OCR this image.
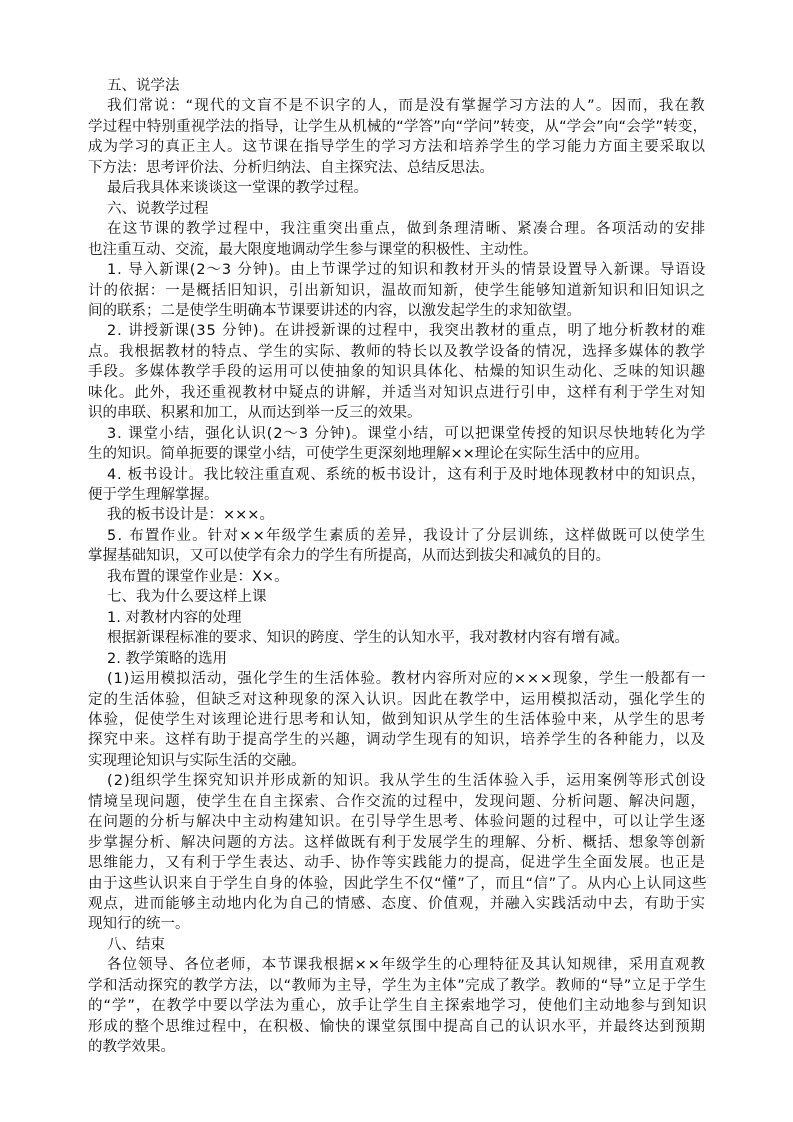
五、说学法
我们常说：“现代的文盲不是不识字的人，而是没有掌握学习方法的人”。因而，我在教
学过程中特别重视学法的指导，让学生从机械的“学答”向“学问”转变，从“学会”向“会学”转变，
成为学习的真正主人。这节课在指导学生的学习方法和培养学生的学习能力方面主要采取以
下方法：思考评价法、分析归纳法、自主探究法、总结反思法。
最后我具体来谈谈这一堂课的教学过程。
六、说教学过程
在这节课的教学过程中，我注重突出重点，做到条理清晰、紧凑合理。各项活动的安排
也注重互动、交流，最大限度地调动学生参与课堂的积极性、主动性。
1. 导入新课(2～3 分钟)。由上节课学过的知识和教材开头的情景设置导入新课。导语设
计的依据：一是概括旧知识，引出新知识，温故而知新，使学生能够知道新知识和旧知识之
间的联系；二是使学生明确本节课要讲述的内容，以激发起学生的求知欲望。
2. 讲授新课(35 分钟)。在讲授新课的过程中，我突出教材的重点，明了地分析教材的难
点。我根据教材的特点、学生的实际、教师的特长以及教学设备的情况，选择多媒体的教学
手段。多媒体教学手段的运用可以使抽象的知识具体化、枯燥的知识生动化、乏味的知识趣
味化。此外，我还重视教材中疑点的讲解，并适当对知识点进行引申，这样有利于学生对知
识的串联、积累和加工，从而达到举一反三的效果。
3. 课堂小结，强化认识(2～3 分钟)。课堂小结，可以把课堂传授的知识尽快地转化为学
生的知识。简单扼要的课堂小结，可使学生更深刻地理解××理论在实际生活中的应用。
4. 板书设计。我比较注重直观、系统的板书设计，这有利于及时地体现教材中的知识点，
便于学生理解掌握。
我的板书设计是：×××。
5. 布置作业。针对××年级学生素质的差异，我设计了分层训练，这样做既可以使学生
掌握基础知识，又可以使学有余力的学生有所提高，从而达到拔尖和减负的目的。
我布置的课堂作业是：X×。
七、我为什么要这样上课
1. 对教材内容的处理
根据新课程标准的要求、知识的跨度、学生的认知水平，我对教材内容有增有减。
2. 教学策略的选用
(1)运用模拟活动，强化学生的生活体验。教材内容所对应的×××现象，学生一般都有一
定的生活体验，但缺乏对这种现象的深入认识。因此在教学中，运用模拟活动，强化学生的
体验，促使学生对该理论进行思考和认知，做到知识从学生的生活体验中来，从学生的思考
探究中来。这样有助于提高学生的兴趣，调动学生现有的知识，培养学生的各种能力，以及
实现理论知识与实际生活的交融。
(2)组织学生探究知识并形成新的知识。我从学生的生活体验入手，运用案例等形式创设
情境呈现问题，使学生在自主探索、合作交流的过程中，发现问题、分析问题、解决问题，
在问题的分析与解决中主动构建知识。在引导学生思考、体验问题的过程中，可以让学生逐
步掌握分析、解决问题的方法。这样做既有利于发展学生的理解、分析、概括、想象等创新
思维能力，又有利于学生表达、动手、协作等实践能力的提高，促进学生全面发展。也正是
由于这些认识来自于学生自身的体验，因此学生不仅“懂”了，而且“信”了。从内心上认同这些
观点，进而能够主动地内化为自己的情感、态度、价值观，并融入实践活动中去，有助于实
现知行的统一。
八、结束
各位领导、各位老师，本节课我根据××年级学生的心理特征及其认知规律，采用直观教
学和活动探究的教学方法，以“教师为主导，学生为主体”完成了教学。教师的“导”立足于学生
的“学”，在教学中要以学法为重心，放手让学生自主探索地学习，使他们主动地参与到知识
形成的整个思维过程中，在积极、愉快的课堂氛围中提高自己的认识水平，并最终达到预期
的教学效果。
